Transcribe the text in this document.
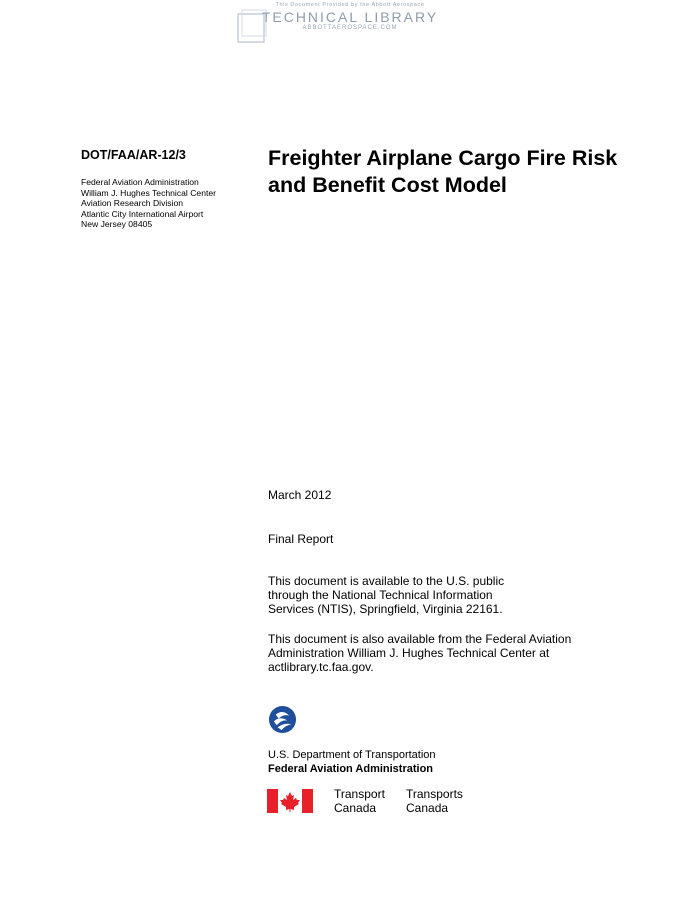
This Document Provided by the Abbott Aerospace
TECHNICAL LIBRARY
ABBOTTAEROSPACE.COM
DOT/FAA/AR-12/3
Federal Aviation Administration
William J. Hughes Technical Center
Aviation Research Division
Atlantic City International Airport
New Jersey 08405
Freighter Airplane Cargo Fire Risk
and Benefit Cost Model
March 2012
Final Report
This document is available to the U.S. public
through the National Technical Information
Services (NTIS), Springfield, Virginia 22161.
This document is also available from the Federal Aviation
Administration William J. Hughes Technical Center at
actlibrary.tc.faa.gov.
U.S. Department of Transportation
Federal Aviation Administration
Transport
Canada
Transports
Canada
